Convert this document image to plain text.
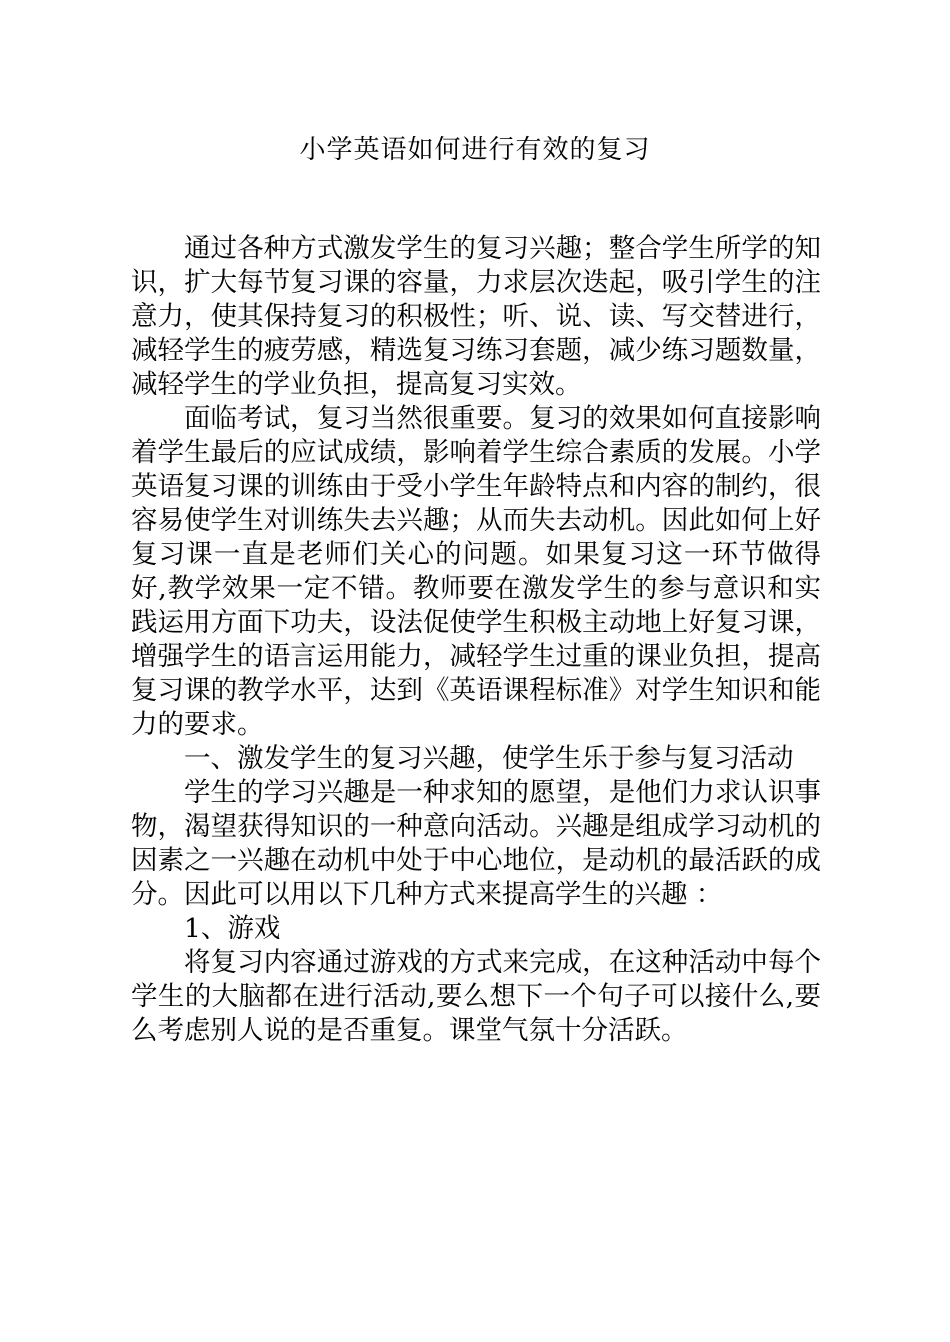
小学英语如何进行有效的复习

通过各种方式激发学生的复习兴趣；整合学生所学的知识，扩大每节复习课的容量，力求层次迭起，吸引学生的注意力，使其保持复习的积极性；听、说、读、写交替进行，减轻学生的疲劳感，精选复习练习套题，减少练习题数量，减轻学生的学业负担，提高复习实效。

面临考试，复习当然很重要。复习的效果如何直接影响着学生最后的应试成绩，影响着学生综合素质的发展。小学英语复习课的训练由于受小学生年龄特点和内容的制约，很容易使学生对训练失去兴趣；从而失去动机。因此如何上好复习课一直是老师们关心的问题。如果复习这一环节做得好,教学效果一定不错。教师要在激发学生的参与意识和实践运用方面下功夫，设法促使学生积极主动地上好复习课，增强学生的语言运用能力，减轻学生过重的课业负担，提高复习课的教学水平，达到《英语课程标准》对学生知识和能力的要求。

一、激发学生的复习兴趣，使学生乐于参与复习活动

学生的学习兴趣是一种求知的愿望，是他们力求认识事物，渴望获得知识的一种意向活动。兴趣是组成学习动机的因素之一兴趣在动机中处于中心地位，是动机的最活跃的成分。因此可以用以下几种方式来提高学生的兴趣 ：

1、游戏

将复习内容通过游戏的方式来完成，在这种活动中每个学生的大脑都在进行活动,要么想下一个句子可以接什么,要么考虑别人说的是否重复。课堂气氛十分活跃。
